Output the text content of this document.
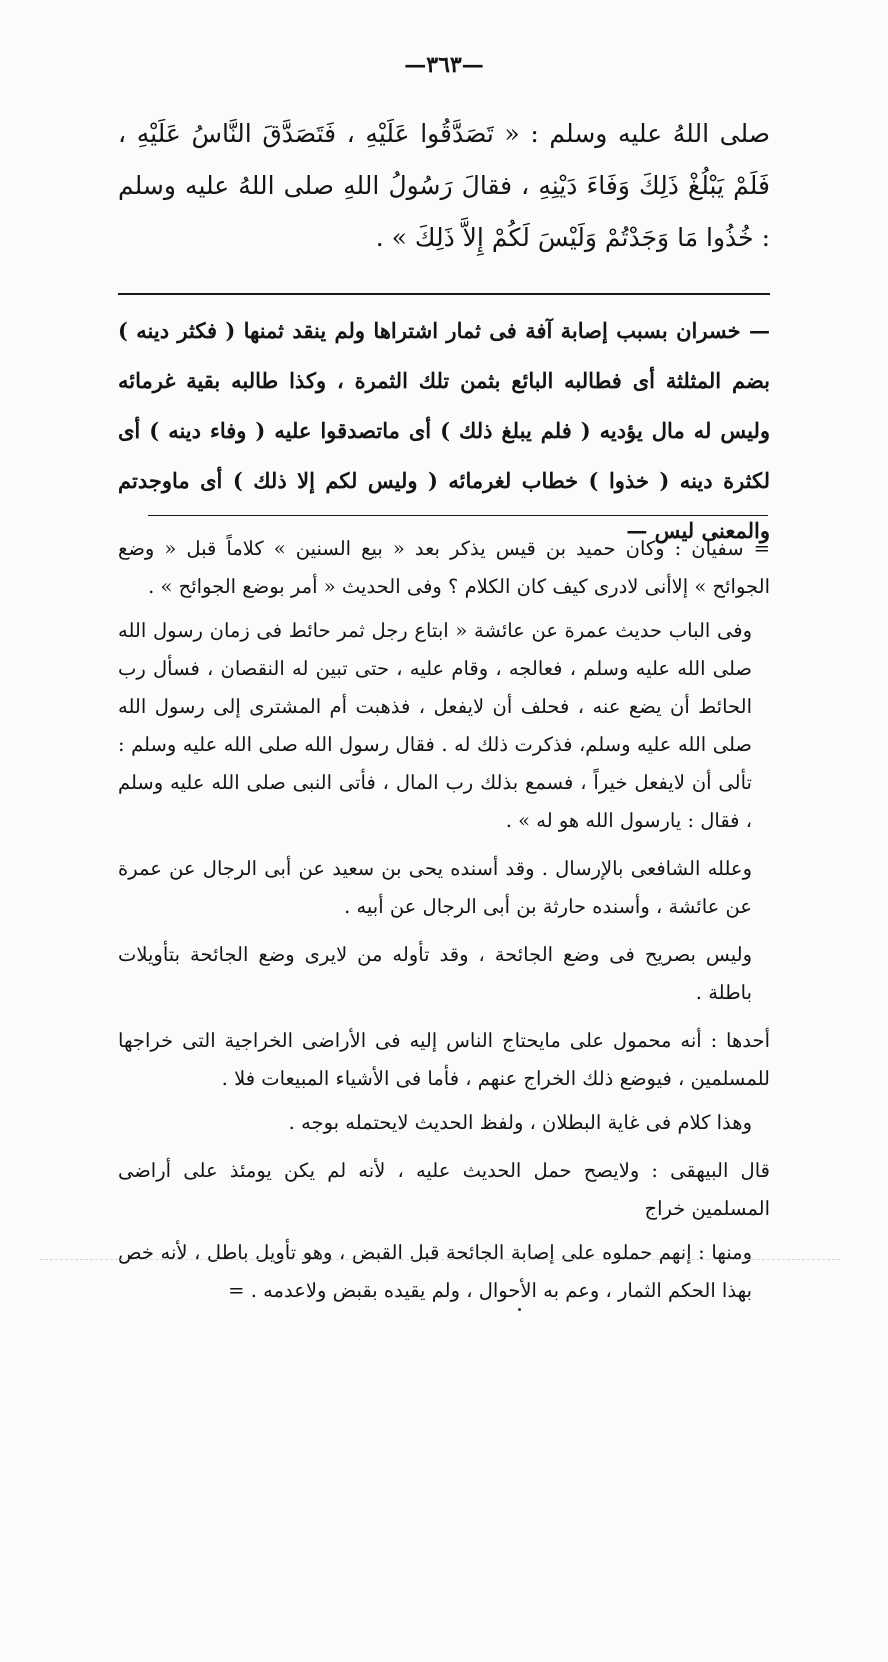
—٣٦٣—

صلى اللهُ عليه وسلم : « تَصَدَّقُوا عَلَيْهِ ، فَتَصَدَّقَ النَّاسُ عَلَيْهِ ، فَلَمْ يَبْلُغْ ذَلِكَ وَفَاءَ دَيْنِهِ ، فقالَ رَسُولُ اللهِ صلى اللهُ عليه وسلم : خُذُوا مَا وَجَدْتُمْ وَلَيْسَ لَكُمْ إِلاَّ ذَلِكَ » .

— خسران بسبب إصابة آفة فى ثمار اشتراها ولم ينقد ثمنها ( فكثر دينه ) بضم المثلثة أى فطالبه البائع بثمن تلك الثمرة ، وكذا طالبه بقية غرمائه وليس له مال يؤديه ( فلم يبلغ ذلك ) أى ماتصدقوا عليه ( وفاء دينه ) أى لكثرة دينه ( خذوا ) خطاب لغرمائه ( وليس لكم إلا ذلك ) أى ماوجدتم والمعنى ليس —

= سفيان : وكان حميد بن قيس يذكر بعد « بيع السنين » كلاماً قبل « وضع الجوائح » إلاأنى لادرى كيف كان الكلام ؟ وفى الحديث « أمر بوضع الجوائح » .

وفى الباب حديث عمرة عن عائشة « ابتاع رجل ثمر حائط فى زمان رسول الله صلى الله عليه وسلم ، فعالجه ، وقام عليه ، حتى تبين له النقصان ، فسأل رب الحائط أن يضع عنه ، فحلف أن لايفعل ، فذهبت أم المشترى إلى رسول الله صلى الله عليه وسلم، فذكرت ذلك له . فقال رسول الله صلى الله عليه وسلم : تألى أن لايفعل خيراً ، فسمع بذلك رب المال ، فأتى النبى صلى الله عليه وسلم ، فقال : يارسول الله هو له » .

وعلله الشافعى بالإرسال . وقد أسنده يحى بن سعيد عن أبى الرجال عن عمرة عن عائشة ، وأسنده حارثة بن أبى الرجال عن أبيه .

وليس بصريح فى وضع الجائحة ، وقد تأوله من لايرى وضع الجائحة بتأويلات باطلة .

أحدها : أنه محمول على مايحتاج الناس إليه فى الأراضى الخراجية التى خراجها للمسلمين ، فيوضع ذلك الخراج عنهم ، فأما فى الأشياء المبيعات فلا .

وهذا كلام فى غاية البطلان ، ولفظ الحديث لايحتمله بوجه .

قال البيهقى : ولايصح حمل الحديث عليه ، لأنه لم يكن يومئذ على أراضى المسلمين خراج

ومنها : إنهم حملوه على إصابة الجائحة قبل القبض ، وهو تأويل باطل ، لأنه خص بهذا الحكم الثمار ، وعم به الأحوال ، ولم يقيده بقبض ولاعدمه . =
